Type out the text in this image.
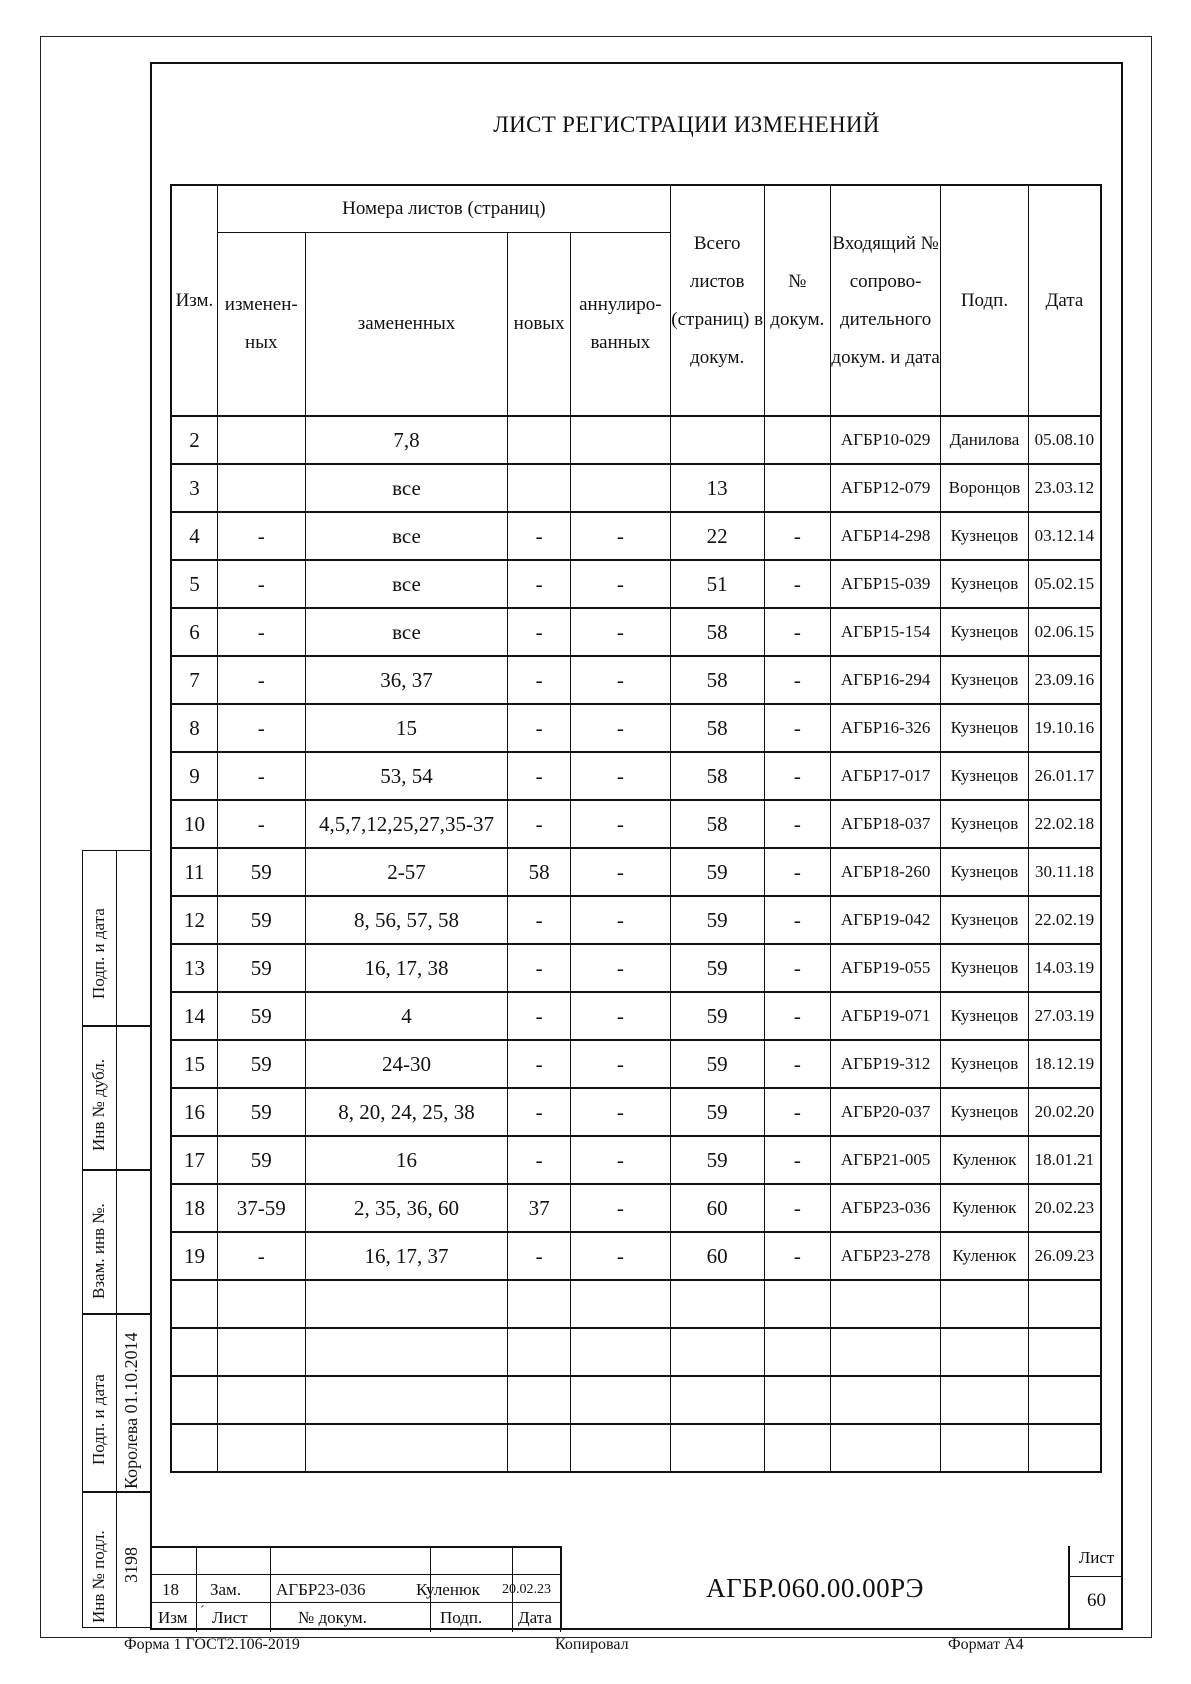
ЛИСТ РЕГИСТРАЦИИ ИЗМЕНЕНИЙ
Изм.	Номера листов (страниц)				Всего листов (страниц) в докум.	№ докум.	Входящий № сопрово-дительного докум. и дата	Подп.	Дата
	изменен-ных	замененных	новых	аннулиро-ванных					
2		7,8					АГБР10-029	Данилова	05.08.10
3		все			13		АГБР12-079	Воронцов	23.03.12
4	-	все	-	-	22	-	АГБР14-298	Кузнецов	03.12.14
5	-	все	-	-	51	-	АГБР15-039	Кузнецов	05.02.15
6	-	все	-	-	58	-	АГБР15-154	Кузнецов	02.06.15
7	-	36, 37	-	-	58	-	АГБР16-294	Кузнецов	23.09.16
8	-	15	-	-	58	-	АГБР16-326	Кузнецов	19.10.16
9	-	53, 54	-	-	58	-	АГБР17-017	Кузнецов	26.01.17
10	-	4,5,7,12,25,27,35-37	-	-	58	-	АГБР18-037	Кузнецов	22.02.18
11	59	2-57	58	-	59	-	АГБР18-260	Кузнецов	30.11.18
12	59	8, 56, 57, 58	-	-	59	-	АГБР19-042	Кузнецов	22.02.19
13	59	16, 17, 38	-	-	59	-	АГБР19-055	Кузнецов	14.03.19
14	59	4	-	-	59	-	АГБР19-071	Кузнецов	27.03.19
15	59	24-30	-	-	59	-	АГБР19-312	Кузнецов	18.12.19
16	59	8, 20, 24, 25, 38	-	-	59	-	АГБР20-037	Кузнецов	20.02.20
17	59	16	-	-	59	-	АГБР21-005	Куленюк	18.01.21
18	37-59	2, 35, 36, 60	37	-	60	-	АГБР23-036	Куленюк	20.02.23
19	-	16, 17, 37	-	-	60	-	АГБР23-278	Куленюк	26.09.23

Подп. и дата
Инв № дубл.
Взам. инв №.
Подп. и дата Королева 01.10.2014
Инв № подл. 3198
18 Зам. АГБР23-036	Куленюк 20.02.23
Изм ´ Лист	№ докум.	Подп. Дата
АГБР.060.00.00РЭ
Лист
60
Форма 1 ГОСТ2.106-2019	Копировал	Формат А4
